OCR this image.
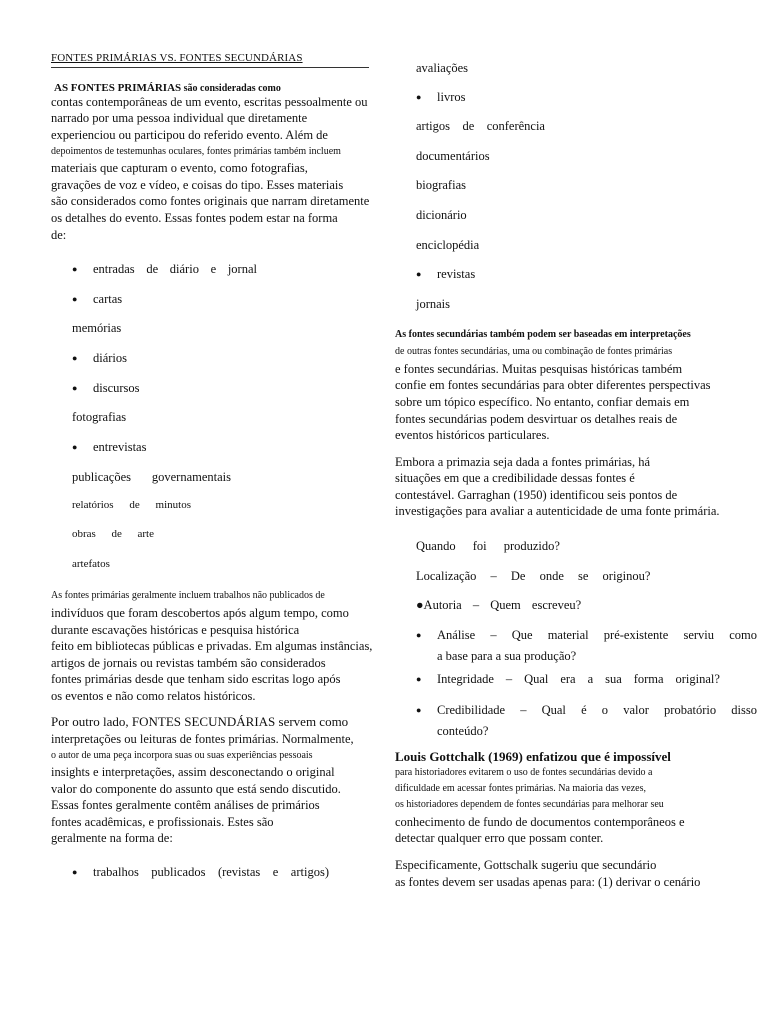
FONTES PRIMÁRIAS VS. FONTES SECUNDÁRIAS
AS FONTES PRIMÁRIAS são consideradas como
contas contemporâneas de um evento, escritas pessoalmente ou
narrado por uma pessoa individual que diretamente
experienciou ou participou do referido evento. Além de
depoimentos de testemunhas oculares, fontes primárias também incluem
materiais que capturam o evento, como fotografias,
gravações de voz e vídeo, e coisas do tipo. Esses materiais
são considerados como fontes originais que narram diretamente
os detalhes do evento. Essas fontes podem estar na forma
de:
● entradas de diário e jornal
● cartas
memórias
● diários
● discursos
fotografias
● entrevistas
publicações governamentais
relatórios de minutos
obras de arte
artefatos
As fontes primárias geralmente incluem trabalhos não publicados de
indivíduos que foram descobertos após algum tempo, como
durante escavações históricas e pesquisa histórica
feito em bibliotecas públicas e privadas. Em algumas instâncias,
artigos de jornais ou revistas também são considerados
fontes primárias desde que tenham sido escritas logo após
os eventos e não como relatos históricos.
Por outro lado, FONTES SECUNDÁRIAS servem como
interpretações ou leituras de fontes primárias. Normalmente,
o autor de uma peça incorpora suas ou suas experiências pessoais
insights e interpretações, assim desconectando o original
valor do componente do assunto que está sendo discutido.
Essas fontes geralmente contêm análises de primários
fontes acadêmicas, e profissionais. Estes são
geralmente na forma de:
● trabalhos publicados (revistas e artigos)
avaliações
● livros
artigos de conferência
documentários
biografias
dicionário
enciclopédia
● revistas
jornais
As fontes secundárias também podem ser baseadas em interpretações
de outras fontes secundárias, uma ou combinação de fontes primárias
e fontes secundárias. Muitas pesquisas históricas também
confie em fontes secundárias para obter diferentes perspectivas
sobre um tópico específico. No entanto, confiar demais em
fontes secundárias podem desvirtuar os detalhes reais de
eventos históricos particulares.
Embora a primazia seja dada a fontes primárias, há
situações em que a credibilidade dessas fontes é
contestável. Garraghan (1950) identificou seis pontos de
investigações para avaliar a autenticidade de uma fonte primária.
Quando foi produzido?
Localização – De onde se originou?
●Autoria – Quem escreveu?
● Análise – Que material pré-existente serviu como
a base para a sua produção?
● Integridade – Qual era a sua forma original?
● Credibilidade – Qual é o valor probatório disso
conteúdo?
Louis Gottchalk (1969) enfatizou que é impossível
para historiadores evitarem o uso de fontes secundárias devido a
dificuldade em acessar fontes primárias. Na maioria das vezes,
os historiadores dependem de fontes secundárias para melhorar seu
conhecimento de fundo de documentos contemporâneos e
detectar qualquer erro que possam conter.
Especificamente, Gottschalk sugeriu que secundário
as fontes devem ser usadas apenas para: (1) derivar o cenário
